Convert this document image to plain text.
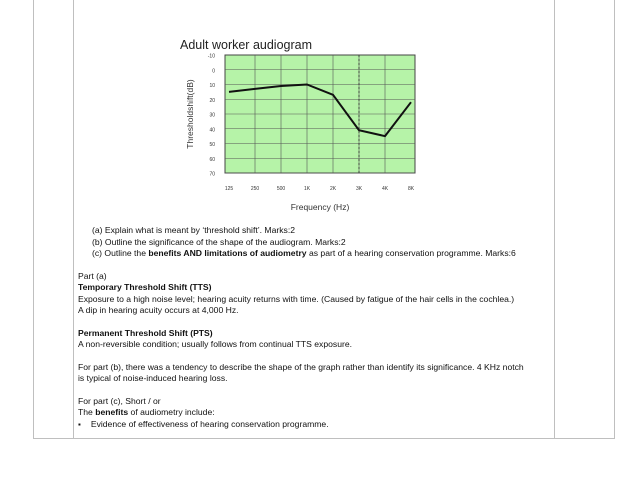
Adult worker audiogram
-10
0
10
20
30
40
50
60
70
125	250	500	1K	2K	3K	4K	8K
Thresholdshift(dB)
Frequency (Hz)

(a) Explain what is meant by ‘threshold shift’. Marks:2

(b) Outline the significance of the shape of the audiogram. Marks:2

(c) Outline the benefits AND limitations of audiometry as part of a hearing conservation programme. Marks:6

Part (a)

Temporary Threshold Shift (TTS)

Exposure to a high noise level; hearing acuity returns with time. (Caused by fatigue of the hair cells in the cochlea.)

A dip in hearing acuity occurs at 4,000 Hz.

Permanent Threshold Shift (PTS)

A non-reversible condition; usually follows from continual TTS exposure.

For part (b), there was a tendency to describe the shape of the graph rather than identify its significance. 4 KHz notch

is typical of noise-induced hearing loss.

For part (c), Short / or

The benefits of audiometry include:

▪ Evidence of effectiveness of hearing conservation programme.
